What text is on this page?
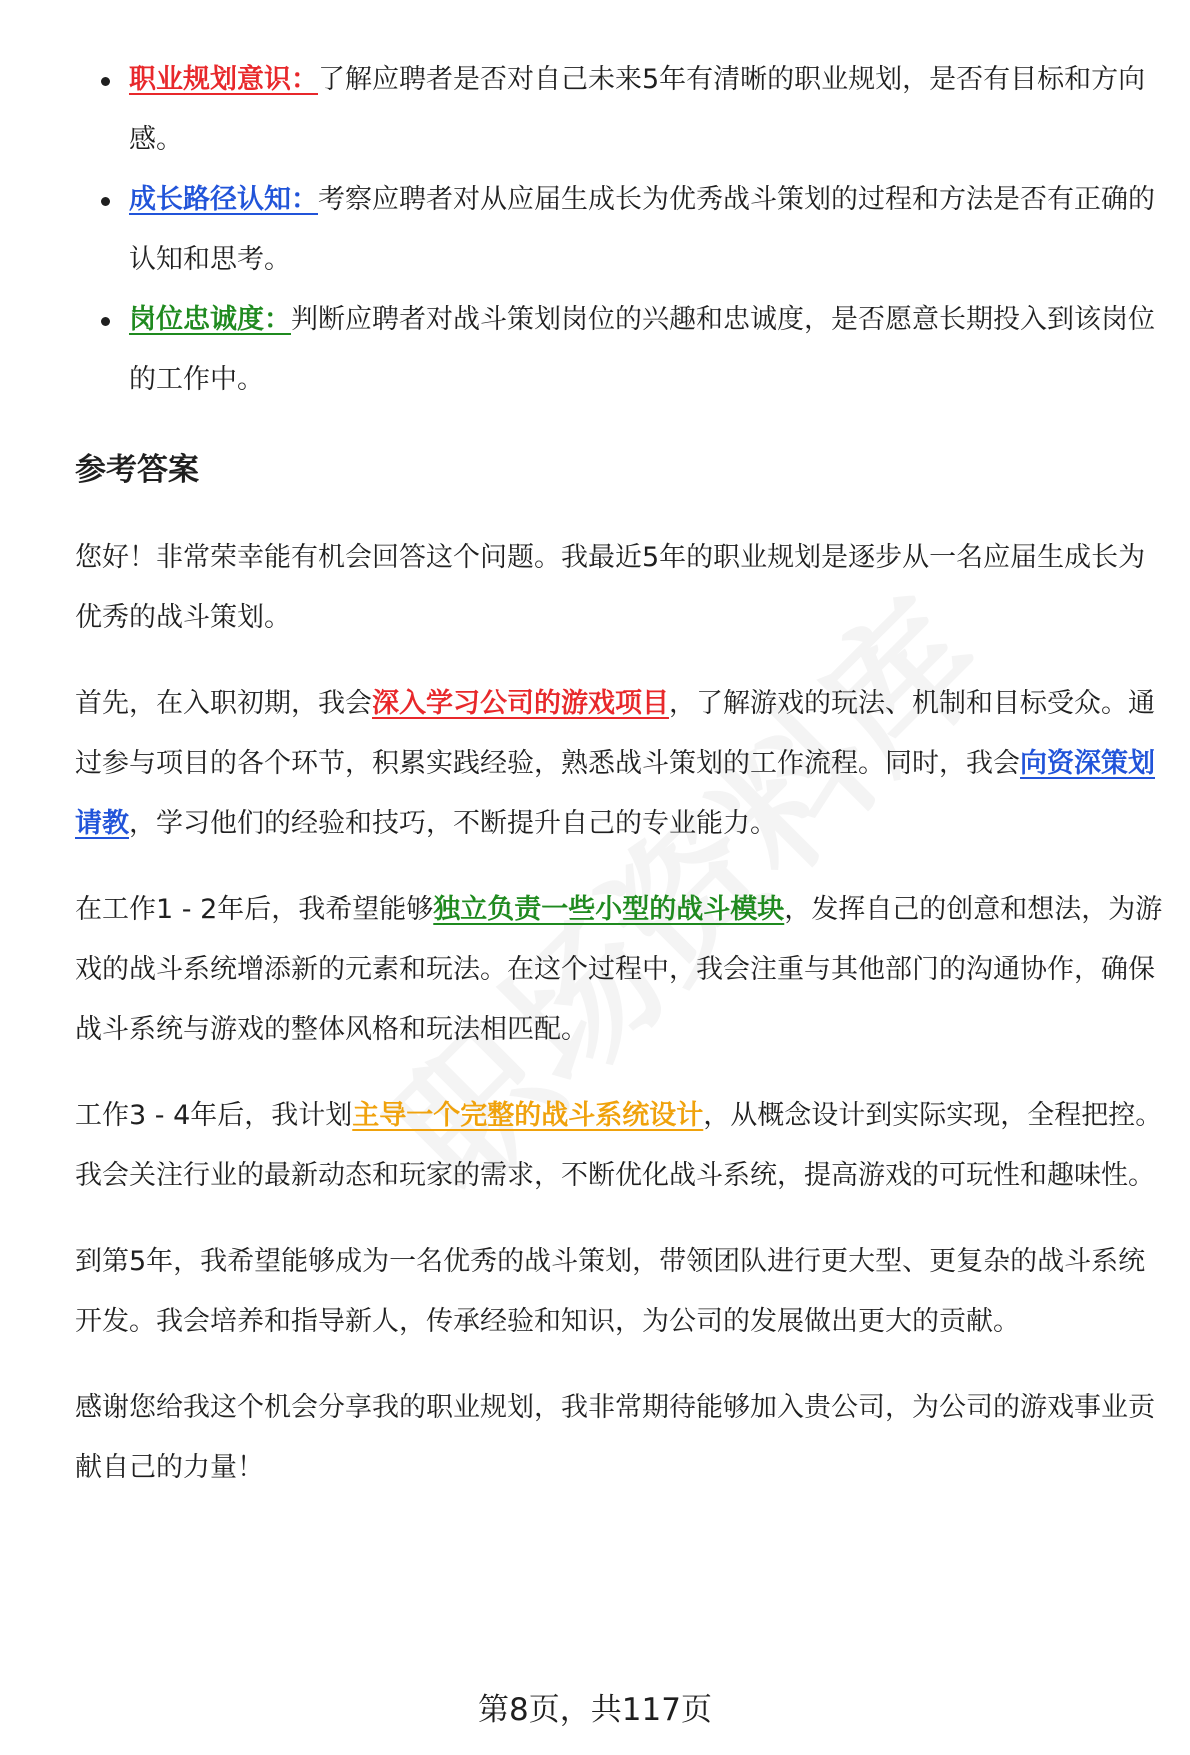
职业规划意识：了解应聘者是否对自己未来5年有清晰的职业规划，是否有目标和方向感。
成长路径认知：考察应聘者对从应届生成长为优秀战斗策划的过程和方法是否有正确的认知和思考。
岗位忠诚度：判断应聘者对战斗策划岗位的兴趣和忠诚度，是否愿意长期投入到该岗位的工作中。
参考答案

您好！非常荣幸能有机会回答这个问题。我最近5年的职业规划是逐步从一名应届生成长为优秀的战斗策划。

首先，在入职初期，我会深入学习公司的游戏项目，了解游戏的玩法、机制和目标受众。通过参与项目的各个环节，积累实践经验，熟悉战斗策划的工作流程。同时，我会向资深策划请教，学习他们的经验和技巧，不断提升自己的专业能力。

在工作1 - 2年后，我希望能够独立负责一些小型的战斗模块，发挥自己的创意和想法，为游戏的战斗系统增添新的元素和玩法。在这个过程中，我会注重与其他部门的沟通协作，确保战斗系统与游戏的整体风格和玩法相匹配。

工作3 - 4年后，我计划主导一个完整的战斗系统设计，从概念设计到实际实现，全程把控。我会关注行业的最新动态和玩家的需求，不断优化战斗系统，提高游戏的可玩性和趣味性。

到第5年，我希望能够成为一名优秀的战斗策划，带领团队进行更大型、更复杂的战斗系统开发。我会培养和指导新人，传承经验和知识，为公司的发展做出更大的贡献。

感谢您给我这个机会分享我的职业规划，我非常期待能够加入贵公司，为公司的游戏事业贡献自己的力量！

第8页，共117页
